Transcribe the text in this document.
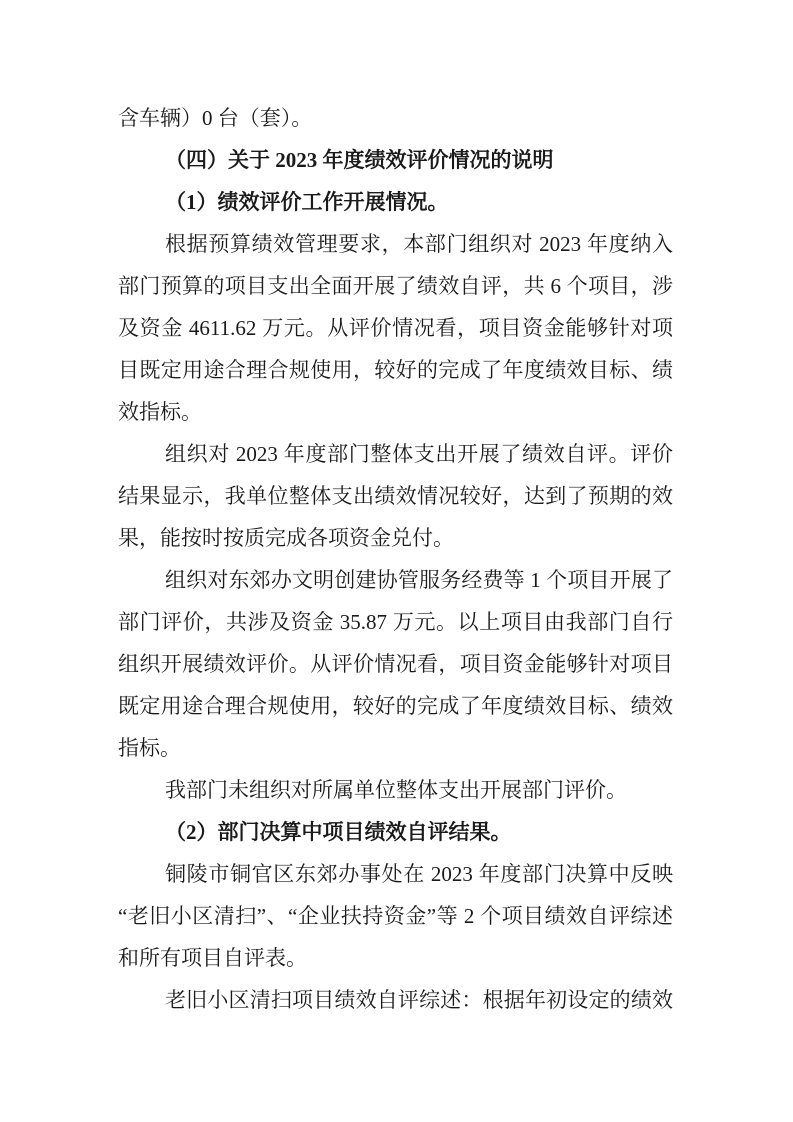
含车辆）0 台（套）。
（四）关于 2023 年度绩效评价情况的说明
（1）绩效评价工作开展情况。
根据预算绩效管理要求，本部门组织对 2023 年度纳入
部门预算的项目支出全面开展了绩效自评，共 6 个项目，涉
及资金 4611.62 万元。从评价情况看，项目资金能够针对项
目既定用途合理合规使用，较好的完成了年度绩效目标、绩
效指标。
组织对 2023 年度部门整体支出开展了绩效自评。评价
结果显示，我单位整体支出绩效情况较好，达到了预期的效
果，能按时按质完成各项资金兑付。
组织对东郊办文明创建协管服务经费等 1 个项目开展了
部门评价，共涉及资金 35.87 万元。以上项目由我部门自行
组织开展绩效评价。从评价情况看，项目资金能够针对项目
既定用途合理合规使用，较好的完成了年度绩效目标、绩效
指标。
我部门未组织对所属单位整体支出开展部门评价。
（2）部门决算中项目绩效自评结果。
铜陵市铜官区东郊办事处在 2023 年度部门决算中反映
“老旧小区清扫”、“企业扶持资金”等 2 个项目绩效自评综述
和所有项目自评表。
老旧小区清扫项目绩效自评综述：根据年初设定的绩效
